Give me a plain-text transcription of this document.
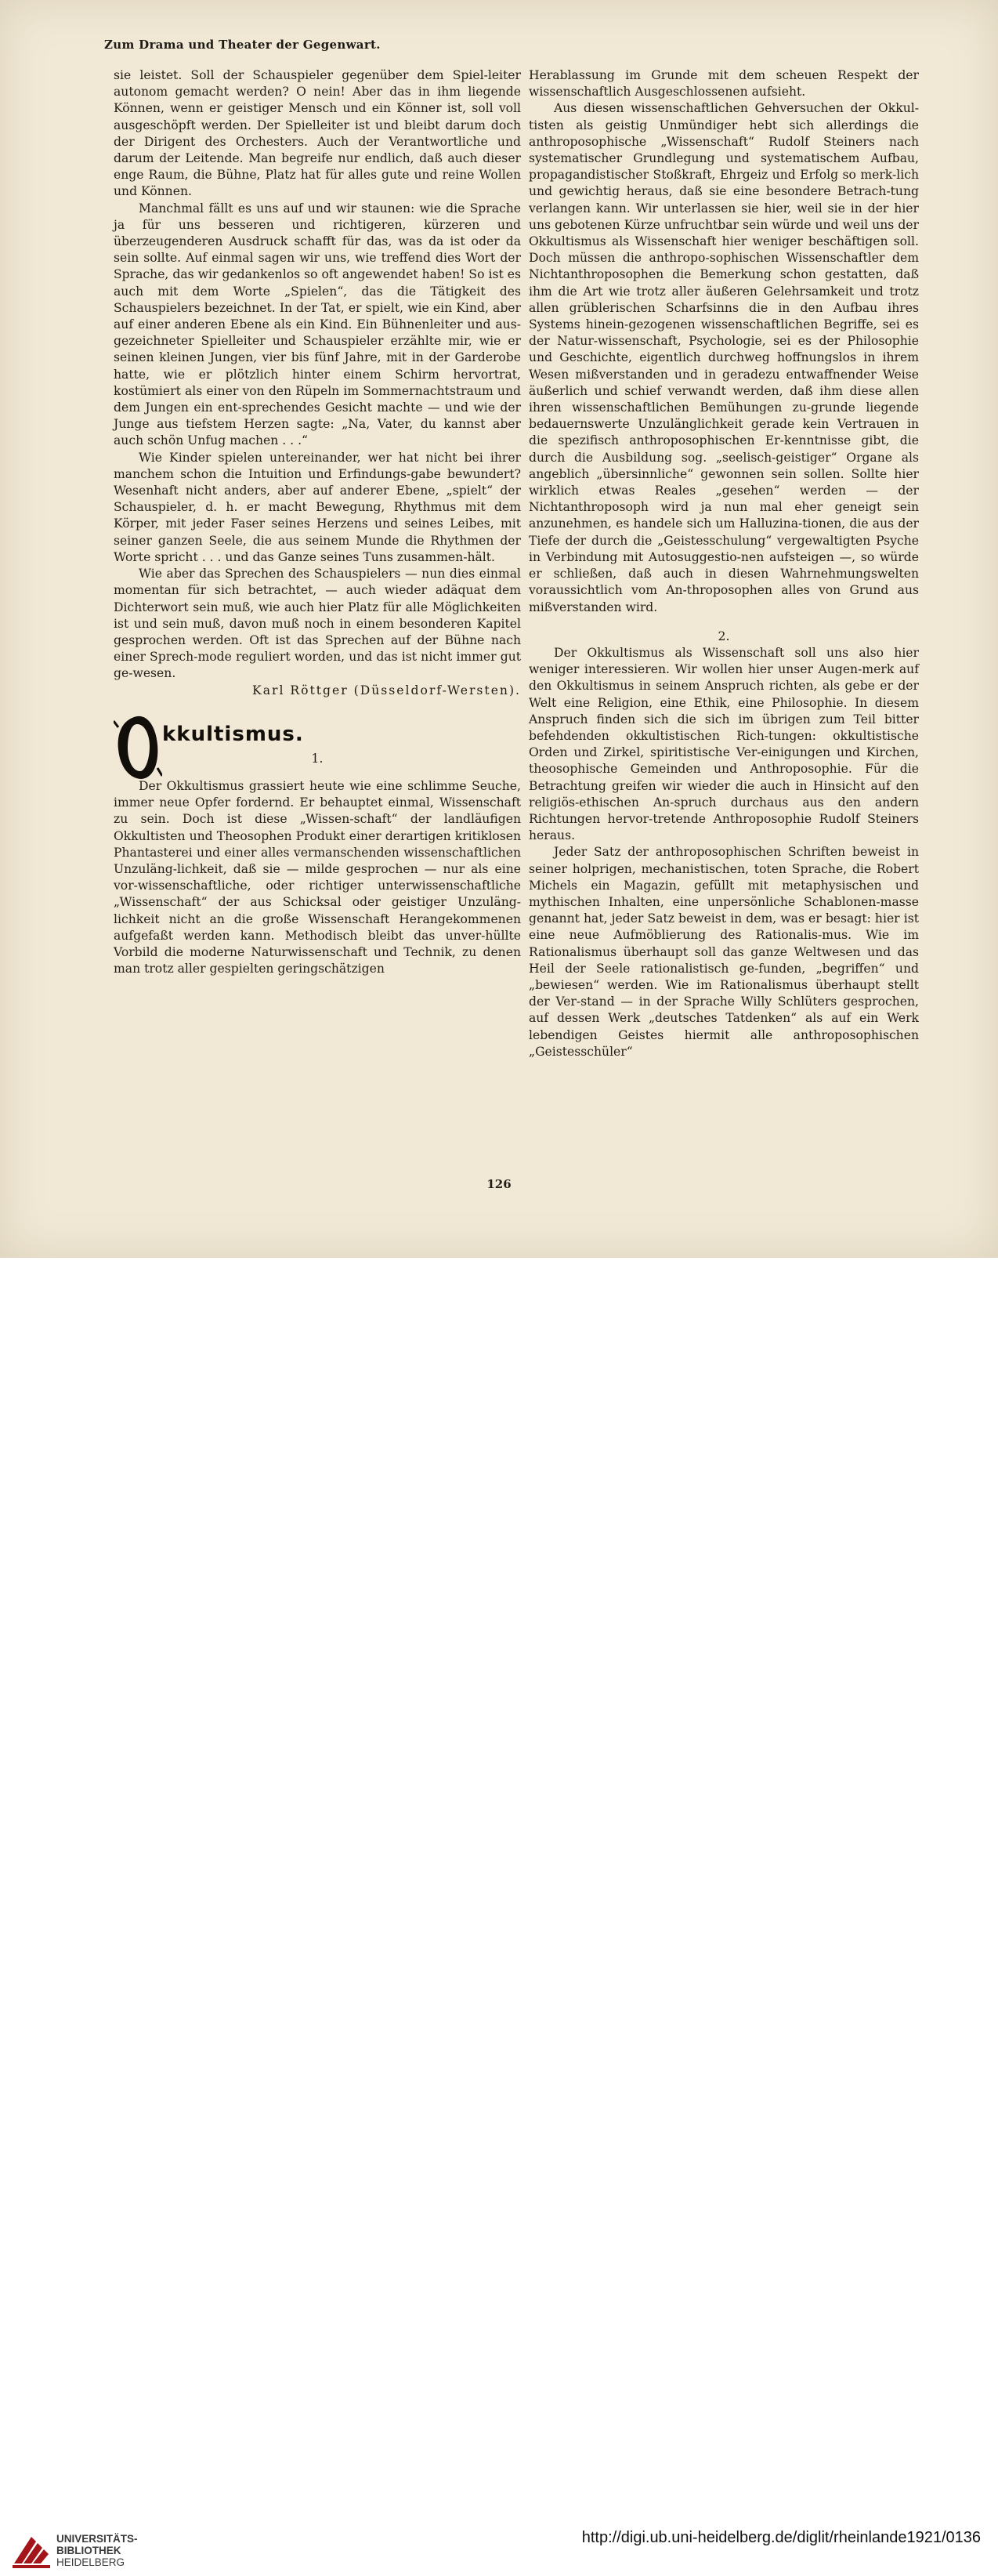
Zum Drama und Theater der Gegenwart.

sie leistet. Soll der Schauspieler gegenüber dem Spiel-leiter autonom gemacht werden? O nein! Aber das in ihm liegende Können, wenn er geistiger Mensch und ein Könner ist, soll voll ausgeschöpft werden. Der Spielleiter ist und bleibt darum doch der Dirigent des Orchesters. Auch der Verantwortliche und darum der Leitende. Man begreife nur endlich, daß auch dieser enge Raum, die Bühne, Platz hat für alles gute und reine Wollen und Können.

Manchmal fällt es uns auf und wir staunen: wie die Sprache ja für uns besseren und richtigeren, kürzeren und überzeugenderen Ausdruck schafft für das, was da ist oder da sein sollte. Auf einmal sagen wir uns, wie treffend dies Wort der Sprache, das wir gedankenlos so oft angewendet haben! So ist es auch mit dem Worte „Spielen“, das die Tätigkeit des Schauspielers bezeichnet. In der Tat, er spielt, wie ein Kind, aber auf einer anderen Ebene als ein Kind. Ein Bühnenleiter und aus-gezeichneter Spielleiter und Schauspieler erzählte mir, wie er seinen kleinen Jungen, vier bis fünf Jahre, mit in der Garderobe hatte, wie er plötzlich hinter einem Schirm hervortrat, kostümiert als einer von den Rüpeln im Sommernachtstraum und dem Jungen ein ent-sprechendes Gesicht machte — und wie der Junge aus tiefstem Herzen sagte: „Na, Vater, du kannst aber auch schön Unfug machen . . .“

Wie Kinder spielen untereinander, wer hat nicht bei ihrer manchem schon die Intuition und Erfindungs-gabe bewundert? Wesenhaft nicht anders, aber auf anderer Ebene, „spielt“ der Schauspieler, d. h. er macht Bewegung, Rhythmus mit dem Körper, mit jeder Faser seines Herzens und seines Leibes, mit seiner ganzen Seele, die aus seinem Munde die Rhythmen der Worte spricht . . . und das Ganze seines Tuns zusammen-hält.

Wie aber das Sprechen des Schauspielers — nun dies einmal momentan für sich betrachtet, — auch wieder adäquat dem Dichterwort sein muß, wie auch hier Platz für alle Möglichkeiten ist und sein muß, davon muß noch in einem besonderen Kapitel gesprochen werden. Oft ist das Sprechen auf der Bühne nach einer Sprech-mode reguliert worden, und das ist nicht immer gut ge-wesen.

Karl Röttger (Düsseldorf-Wersten).

kkultismus.

1.

Der Okkultismus grassiert heute wie eine schlimme Seuche, immer neue Opfer fordernd. Er behauptet einmal, Wissenschaft zu sein. Doch ist diese „Wissen-schaft“ der landläufigen Okkultisten und Theosophen Produkt einer derartigen kritiklosen Phantasterei und einer alles vermanschenden wissenschaftlichen Unzuläng-lichkeit, daß sie — milde gesprochen — nur als eine vor-wissenschaftliche, oder richtiger unterwissenschaftliche „Wissenschaft“ der aus Schicksal oder geistiger Unzuläng-lichkeit nicht an die große Wissenschaft Herangekommenen aufgefaßt werden kann. Methodisch bleibt das unver-hüllte Vorbild die moderne Naturwissenschaft und Technik, zu denen man trotz aller gespielten geringschätzigen

Herablassung im Grunde mit dem scheuen Respekt der wissenschaftlich Ausgeschlossenen aufsieht.

Aus diesen wissenschaftlichen Gehversuchen der Okkul-tisten als geistig Unmündiger hebt sich allerdings die anthroposophische „Wissenschaft“ Rudolf Steiners nach systematischer Grundlegung und systematischem Aufbau, propagandistischer Stoßkraft, Ehrgeiz und Erfolg so merk-lich und gewichtig heraus, daß sie eine besondere Betrach-tung verlangen kann. Wir unterlassen sie hier, weil sie in der hier uns gebotenen Kürze unfruchtbar sein würde und weil uns der Okkultismus als Wissenschaft hier weniger beschäftigen soll. Doch müssen die anthropo-sophischen Wissenschaftler dem Nichtanthroposophen die Bemerkung schon gestatten, daß ihm die Art wie trotz aller äußeren Gelehrsamkeit und trotz allen grüblerischen Scharfsinns die in den Aufbau ihres Systems hinein-gezogenen wissenschaftlichen Begriffe, sei es der Natur-wissenschaft, Psychologie, sei es der Philosophie und Geschichte, eigentlich durchweg hoffnungslos in ihrem Wesen mißverstanden und in geradezu entwaffnender Weise äußerlich und schief verwandt werden, daß ihm diese allen ihren wissenschaftlichen Bemühungen zu-grunde liegende bedauernswerte Unzulänglichkeit gerade kein Vertrauen in die spezifisch anthroposophischen Er-kenntnisse gibt, die durch die Ausbildung sog. „seelisch-geistiger“ Organe als angeblich „übersinnliche“ gewonnen sein sollen. Sollte hier wirklich etwas Reales „gesehen“ werden — der Nichtanthroposoph wird ja nun mal eher geneigt sein anzunehmen, es handele sich um Halluzina-tionen, die aus der Tiefe der durch die „Geistesschulung“ vergewaltigten Psyche in Verbindung mit Autosuggestio-nen aufsteigen —, so würde er schließen, daß auch in diesen Wahrnehmungswelten voraussichtlich vom An-throposophen alles von Grund aus mißverstanden wird.

2.

Der Okkultismus als Wissenschaft soll uns also hier weniger interessieren. Wir wollen hier unser Augen-merk auf den Okkultismus in seinem Anspruch richten, als gebe er der Welt eine Religion, eine Ethik, eine Philosophie. In diesem Anspruch finden sich die sich im übrigen zum Teil bitter befehdenden okkultistischen Rich-tungen: okkultistische Orden und Zirkel, spiritistische Ver-einigungen und Kirchen, theosophische Gemeinden und Anthroposophie. Für die Betrachtung greifen wir wieder die auch in Hinsicht auf den religiös-ethischen An-spruch durchaus aus den andern Richtungen hervor-tretende Anthroposophie Rudolf Steiners heraus.

Jeder Satz der anthroposophischen Schriften beweist in seiner holprigen, mechanistischen, toten Sprache, die Robert Michels ein Magazin, gefüllt mit metaphysischen und mythischen Inhalten, eine unpersönliche Schablonen-masse genannt hat, jeder Satz beweist in dem, was er besagt: hier ist eine neue Aufmöblierung des Rationalis-mus. Wie im Rationalismus überhaupt soll das ganze Weltwesen und das Heil der Seele rationalistisch ge-funden, „begriffen“ und „bewiesen“ werden. Wie im Rationalismus überhaupt stellt der Ver-stand — in der Sprache Willy Schlüters gesprochen, auf dessen Werk „deutsches Tatdenken“ als auf ein Werk lebendigen Geistes hiermit alle anthroposophischen „Geistesschüler“

126
UNIVERSITÄTS-
BIBLIOTHEK
HEIDELBERG
http://digi.ub.uni-heidelberg.de/diglit/rheinlande1921/0136
